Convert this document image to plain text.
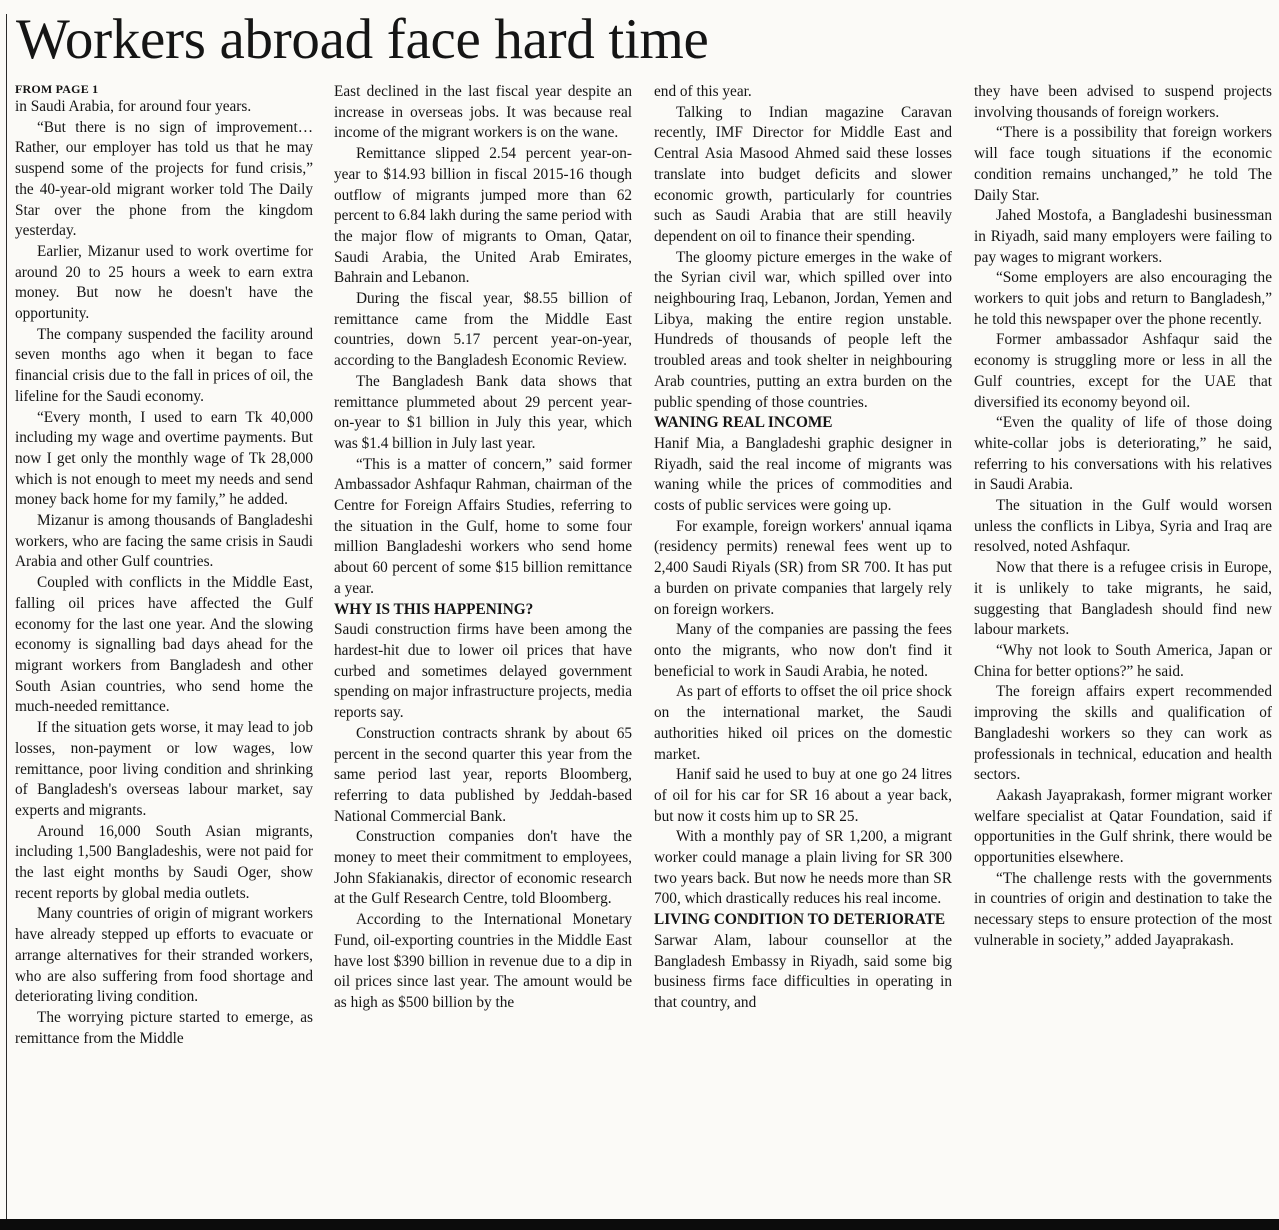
Workers abroad face hard time
FROM PAGE 1

in Saudi Arabia, for around four years.

“But there is no sign of improvement… Rather, our employer has told us that he may suspend some of the projects for fund crisis,” the 40-year-old migrant worker told The Daily Star over the phone from the kingdom yesterday.

Earlier, Mizanur used to work overtime for around 20 to 25 hours a week to earn extra money. But now he doesn't have the opportunity.

The company suspended the facility around seven months ago when it began to face financial crisis due to the fall in prices of oil, the lifeline for the Saudi economy.

“Every month, I used to earn Tk 40,000 including my wage and overtime payments. But now I get only the monthly wage of Tk 28,000 which is not enough to meet my needs and send money back home for my family,” he added.

Mizanur is among thousands of Bangladeshi workers, who are facing the same crisis in Saudi Arabia and other Gulf countries.

Coupled with conflicts in the Middle East, falling oil prices have affected the Gulf economy for the last one year. And the slowing economy is signalling bad days ahead for the migrant workers from Bangladesh and other South Asian countries, who send home the much-needed remittance.

If the situation gets worse, it may lead to job losses, non-payment or low wages, low remittance, poor living condition and shrinking of Bangladesh's overseas labour market, say experts and migrants.

Around 16,000 South Asian migrants, including 1,500 Bangladeshis, were not paid for the last eight months by Saudi Oger, show recent reports by global media outlets.

Many countries of origin of migrant workers have already stepped up efforts to evacuate or arrange alternatives for their stranded workers, who are also suffering from food shortage and deteriorating living condition.

The worrying picture started to emerge, as remittance from the Middle

East declined in the last fiscal year despite an increase in overseas jobs. It was because real income of the migrant workers is on the wane.

Remittance slipped 2.54 percent year-on-year to $14.93 billion in fiscal 2015-16 though outflow of migrants jumped more than 62 percent to 6.84 lakh during the same period with the major flow of migrants to Oman, Qatar, Saudi Arabia, the United Arab Emirates, Bahrain and Lebanon.

During the fiscal year, $8.55 billion of remittance came from the Middle East countries, down 5.17 percent year-on-year, according to the Bangladesh Economic Review.

The Bangladesh Bank data shows that remittance plummeted about 29 percent year-on-year to $1 billion in July this year, which was $1.4 billion in July last year.

“This is a matter of concern,” said former Ambassador Ashfaqur Rahman, chairman of the Centre for Foreign Affairs Studies, referring to the situation in the Gulf, home to some four million Bangladeshi workers who send home about 60 percent of some $15 billion remittance a year.

WHY IS THIS HAPPENING?

Saudi construction firms have been among the hardest-hit due to lower oil prices that have curbed and sometimes delayed government spending on major infrastructure projects, media reports say.

Construction contracts shrank by about 65 percent in the second quarter this year from the same period last year, reports Bloomberg, referring to data published by Jeddah-based National Commercial Bank.

Construction companies don't have the money to meet their commitment to employees, John Sfakianakis, director of economic research at the Gulf Research Centre, told Bloomberg.

According to the International Monetary Fund, oil-exporting countries in the Middle East have lost $390 billion in revenue due to a dip in oil prices since last year. The amount would be as high as $500 billion by the

end of this year.

Talking to Indian magazine Caravan recently, IMF Director for Middle East and Central Asia Masood Ahmed said these losses translate into budget deficits and slower economic growth, particularly for countries such as Saudi Arabia that are still heavily dependent on oil to finance their spending.

The gloomy picture emerges in the wake of the Syrian civil war, which spilled over into neighbouring Iraq, Lebanon, Jordan, Yemen and Libya, making the entire region unstable. Hundreds of thousands of people left the troubled areas and took shelter in neighbouring Arab countries, putting an extra burden on the public spending of those countries.

WANING REAL INCOME

Hanif Mia, a Bangladeshi graphic designer in Riyadh, said the real income of migrants was waning while the prices of commodities and costs of public services were going up.

For example, foreign workers' annual iqama (residency permits) renewal fees went up to 2,400 Saudi Riyals (SR) from SR 700. It has put a burden on private companies that largely rely on foreign workers.

Many of the companies are passing the fees onto the migrants, who now don't find it beneficial to work in Saudi Arabia, he noted.

As part of efforts to offset the oil price shock on the international market, the Saudi authorities hiked oil prices on the domestic market.

Hanif said he used to buy at one go 24 litres of oil for his car for SR 16 about a year back, but now it costs him up to SR 25.

With a monthly pay of SR 1,200, a migrant worker could manage a plain living for SR 300 two years back. But now he needs more than SR 700, which drastically reduces his real income.

LIVING CONDITION TO DETERIORATE

Sarwar Alam, labour counsellor at the Bangladesh Embassy in Riyadh, said some big business firms face difficulties in operating in that country, and

they have been advised to suspend projects involving thousands of foreign workers.

“There is a possibility that foreign workers will face tough situations if the economic condition remains unchanged,” he told The Daily Star.

Jahed Mostofa, a Bangladeshi businessman in Riyadh, said many employers were failing to pay wages to migrant workers.

“Some employers are also encouraging the workers to quit jobs and return to Bangladesh,” he told this newspaper over the phone recently.

Former ambassador Ashfaqur said the economy is struggling more or less in all the Gulf countries, except for the UAE that diversified its economy beyond oil.

“Even the quality of life of those doing white-collar jobs is deteriorating,” he said, referring to his conversations with his relatives in Saudi Arabia.

The situation in the Gulf would worsen unless the conflicts in Libya, Syria and Iraq are resolved, noted Ashfaqur.

Now that there is a refugee crisis in Europe, it is unlikely to take migrants, he said, suggesting that Bangladesh should find new labour markets.

“Why not look to South America, Japan or China for better options?” he said.

The foreign affairs expert recommended improving the skills and qualification of Bangladeshi workers so they can work as professionals in technical, education and health sectors.

Aakash Jayaprakash, former migrant worker welfare specialist at Qatar Foundation, said if opportunities in the Gulf shrink, there would be opportunities elsewhere.

“The challenge rests with the governments in countries of origin and destination to take the necessary steps to ensure protection of the most vulnerable in society,” added Jayaprakash.
